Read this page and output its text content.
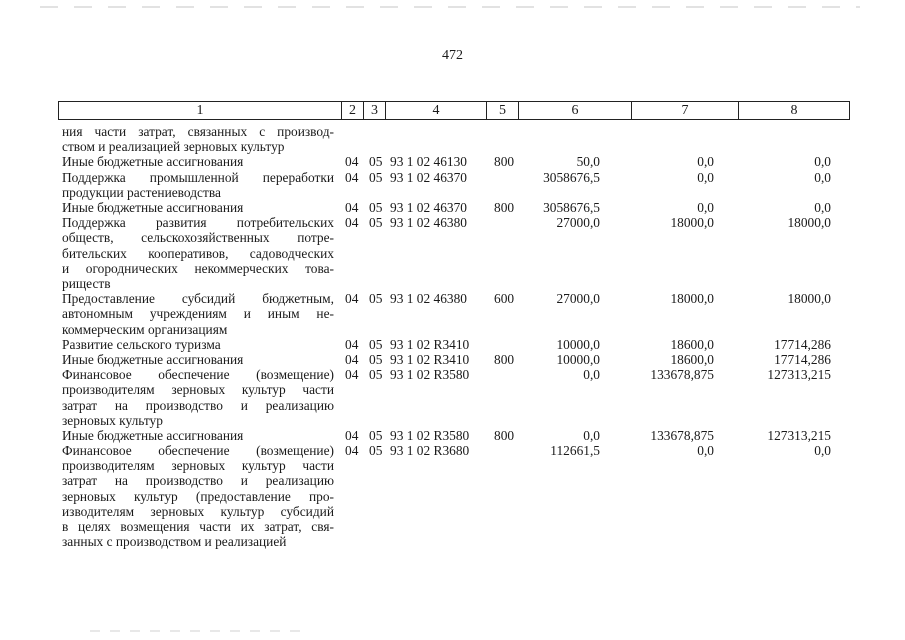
472
1	2	3	4	5	6	7	8
ния части затрат, связанных с производ-
ством и реализацией зерновых культур
Иные бюджетные ассигнования	04 05 93 1 02 46130 800	50,0	0,0	0,0
Поддержка промышленной переработки
продукции растениеводства
04 05 93 1 02 46370	3058676,5	0,0	0,0
Иные бюджетные ассигнования	04 05 93 1 02 46370 800	3058676,5	0,0	0,0
Поддержка развития потребительских
обществ, сельскохозяйственных потре-
бительских кооперативов, садоводческих
и огороднических некоммерческих това-
риществ
04 05 93 1 02 46380	27000,0	18000,0	18000,0
Предоставление субсидий бюджетным,
автономным учреждениям и иным не-
коммерческим организациям
04 05 93 1 02 46380 600	27000,0	18000,0	18000,0
Развитие сельского туризма	04 05 93 1 02 R3410	10000,0	18600,0	17714,286
Иные бюджетные ассигнования	04 05 93 1 02 R3410 800	10000,0	18600,0	17714,286
Финансовое обеспечение (возмещение)
производителям зерновых культур части
затрат на производство и реализацию
зерновых культур
04 05 93 1 02 R3580	0,0	133678,875	127313,215
Иные бюджетные ассигнования	04 05 93 1 02 R3580 800	0,0	133678,875	127313,215
Финансовое обеспечение (возмещение)
производителям зерновых культур части
затрат на производство и реализацию
зерновых культур (предоставление про-
изводителям зерновых культур субсидий
в целях возмещения части их затрат, свя-
занных с производством и реализацией
04 05 93 1 02 R3680	112661,5	0,0	0,0
